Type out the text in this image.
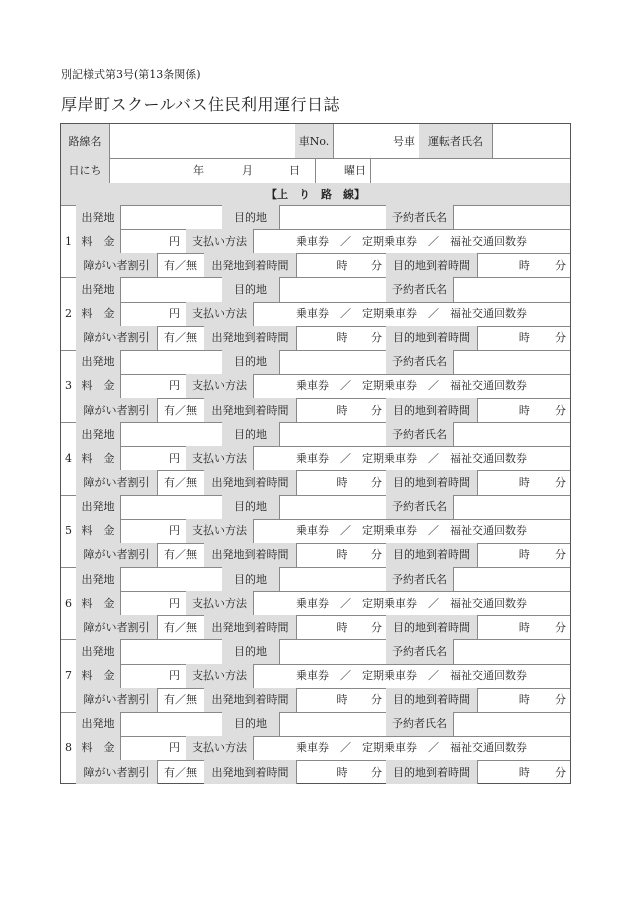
別記様式第3号(第13条関係)
厚岸町スクールバス住民利用運行日誌
路線名	車No.	号車	運転者氏名
日にち	年	月	日	曜日
【上　り　路　線】
1
出発地	目的地	予約者氏名
料　金	円	支払い方法	乗車券　／　定期乗車券　／　福祉交通回数券
障がい者割引	有／無	出発地到着時間	時 分	目的地到着時間	時 分
2
出発地	目的地	予約者氏名
料　金	円	支払い方法	乗車券　／　定期乗車券　／　福祉交通回数券
障がい者割引	有／無	出発地到着時間	時 分	目的地到着時間	時 分
3
出発地	目的地	予約者氏名
料　金	円	支払い方法	乗車券　／　定期乗車券　／　福祉交通回数券
障がい者割引	有／無	出発地到着時間	時 分	目的地到着時間	時 分
4
出発地	目的地	予約者氏名
料　金	円	支払い方法	乗車券　／　定期乗車券　／　福祉交通回数券
障がい者割引	有／無	出発地到着時間	時 分	目的地到着時間	時 分
5
出発地	目的地	予約者氏名
料　金	円	支払い方法	乗車券　／　定期乗車券　／　福祉交通回数券
障がい者割引	有／無	出発地到着時間	時 分	目的地到着時間	時 分
6
出発地	目的地	予約者氏名
料　金	円	支払い方法	乗車券　／　定期乗車券　／　福祉交通回数券
障がい者割引	有／無	出発地到着時間	時 分	目的地到着時間	時 分
7
出発地	目的地	予約者氏名
料　金	円	支払い方法	乗車券　／　定期乗車券　／　福祉交通回数券
障がい者割引	有／無	出発地到着時間	時 分	目的地到着時間	時 分
8
出発地	目的地	予約者氏名
料　金	円	支払い方法	乗車券　／　定期乗車券　／　福祉交通回数券
障がい者割引	有／無	出発地到着時間	時 分	目的地到着時間	時 分
